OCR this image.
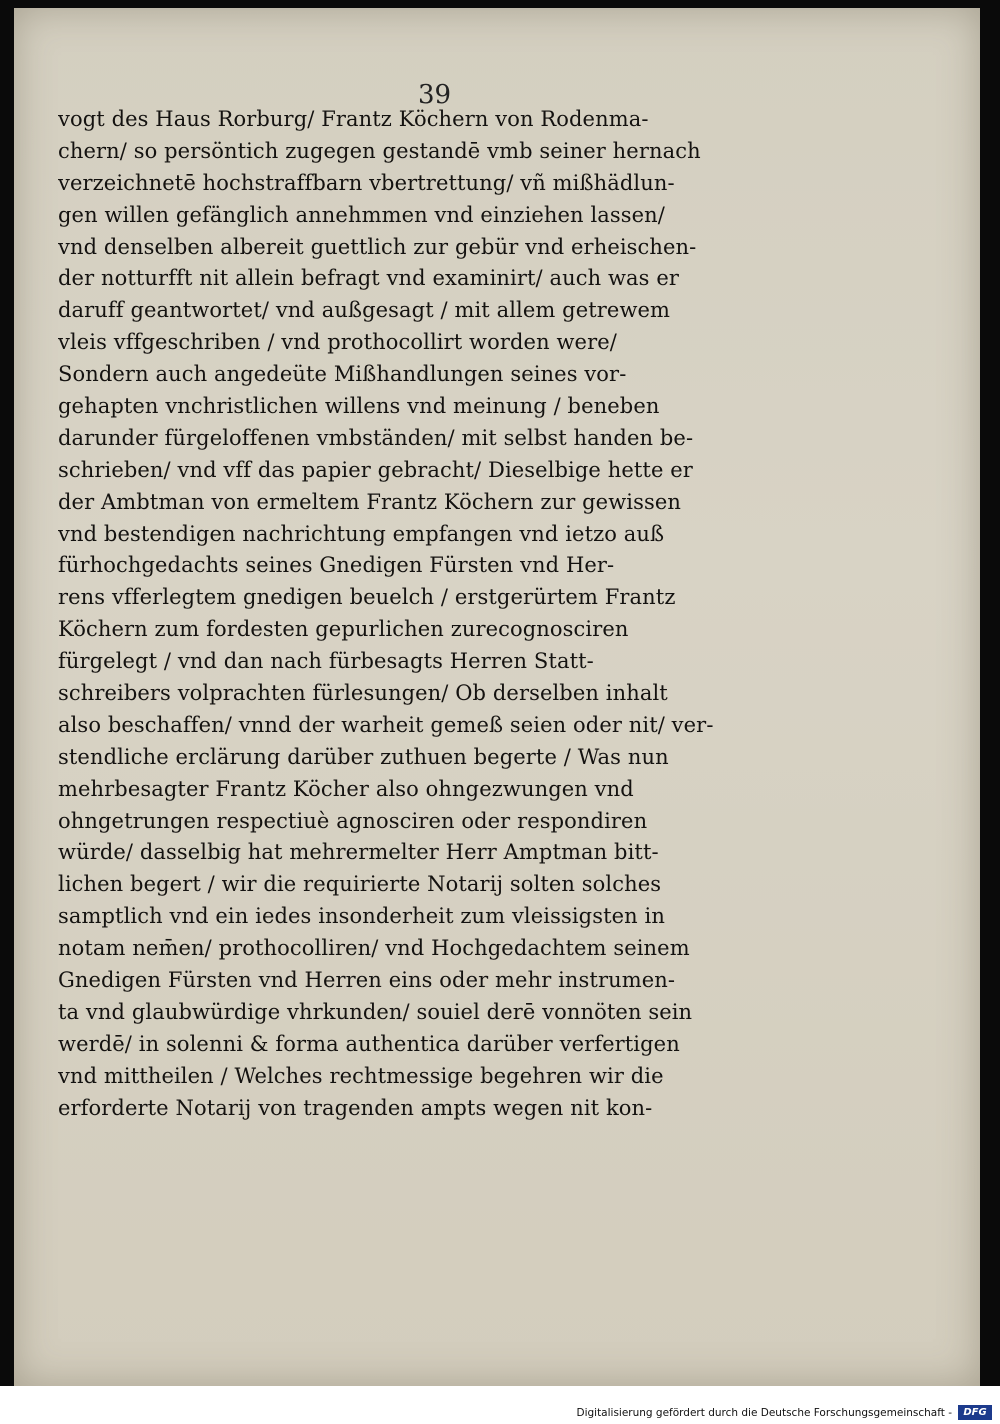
39
vogt des Haus Rorburg/ Frantz Köchern von Rodenma-
chern/ so persöntich zugegen gestandē vmb seiner hernach
verzeichnetē hochstraffbarn vbertrettung/ vñ mißhädlun-
gen willen gefänglich annehmmen vnd einziehen lassen/
vnd denselben albereit guettlich zur gebür vnd erheischen-
der notturfft nit allein befragt vnd examinirt/ auch was er
daruff geantwortet/ vnd außgesagt / mit allem getrewem
vleis vffgeschriben / vnd prothocollirt worden were/
Sondern auch angedeüte Mißhandlungen seines vor-
gehapten vnchristlichen willens vnd meinung / beneben
darunder fürgeloffenen vmbständen/ mit selbst handen be-
schrieben/ vnd vff das papier gebracht/ Dieselbige hette er
der Ambtman von ermeltem Frantz Köchern zur gewissen
vnd bestendigen nachrichtung empfangen vnd ietzo auß
fürhochgedachts seines Gnedigen Fürsten vnd Her-
rens vfferlegtem gnedigen beuelch / erstgerürtem Frantz
Köchern zum fordesten gepurlichen zurecognosciren
fürgelegt / vnd dan nach fürbesagts Herren Statt-
schreibers volprachten fürlesungen/ Ob derselben inhalt
also beschaffen/ vnnd der warheit gemeß seien oder nit/ ver-
stendliche erclärung darüber zuthuen begerte / Was nun
mehrbesagter Frantz Köcher also ohngezwungen vnd
ohngetrungen respectiuè agnosciren oder respondiren
würde/ dasselbig hat mehrermelter Herr Amptman bitt-
lichen begert / wir die requirierte Notarij solten solches
samptlich vnd ein iedes insonderheit zum vleissigsten in
notam nem̄en/ prothocolliren/ vnd Hochgedachtem seinem
Gnedigen Fürsten vnd Herren eins oder mehr instrumen-
ta vnd glaubwürdige vhrkunden/ souiel derē vonnöten sein
werdē/ in solenni & forma authentica darüber verfertigen
vnd mittheilen / Welches rechtmessige begehren wir die
erforderte Notarij von tragenden ampts wegen nit kon-
Digitalisierung gefördert durch die Deutsche Forschungsgemeinschaft -	DFG
